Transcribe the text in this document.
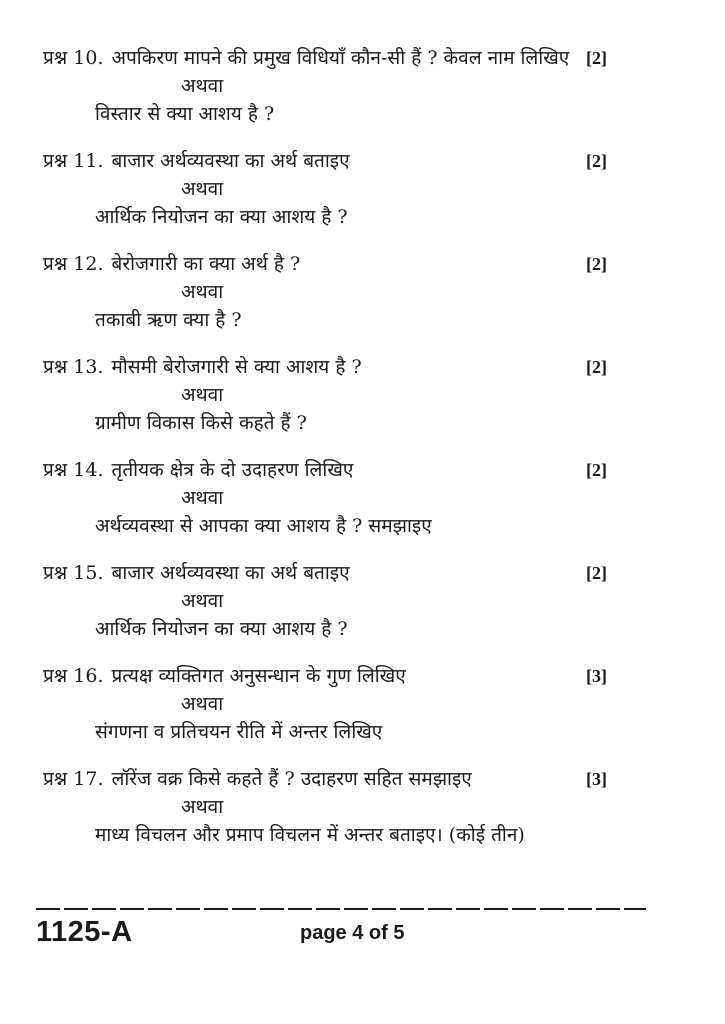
प्रश्न 10. अपकिरण मापने की प्रमुख विधियाँ कौन-सी हैं ? केवल नाम लिखिए [2]
अथवा
विस्तार से क्या आशय है ?
प्रश्न 11. बाजार अर्थव्यवस्था का अर्थ बताइए	[2]
अथवा
आर्थिक नियोजन का क्या आशय है ?
प्रश्न 12. बेरोजगारी का क्या अर्थ है ?	[2]
अथवा
तकाबी ऋण क्या है ?
प्रश्न 13. मौसमी बेरोजगारी से क्या आशय है ?	[2]
अथवा
ग्रामीण विकास किसे कहते हैं ?
प्रश्न 14. तृतीयक क्षेत्र के दो उदाहरण लिखिए	[2]
अथवा
अर्थव्यवस्था से आपका क्या आशय है ? समझाइए
प्रश्न 15. बाजार अर्थव्यवस्था का अर्थ बताइए	[2]
अथवा
आर्थिक नियोजन का क्या आशय है ?
प्रश्न 16. प्रत्यक्ष व्यक्तिगत अनुसन्धान के गुण लिखिए	[3]
अथवा
संगणना व प्रतिचयन रीति में अन्तर लिखिए
प्रश्न 17. लॉरेंज वक्र किसे कहते हैं ? उदाहरण सहित समझाइए	[3]
अथवा
माध्य विचलन और प्रमाप विचलन में अन्तर बताइए। (कोई तीन)
1125-A	page 4 of 5
